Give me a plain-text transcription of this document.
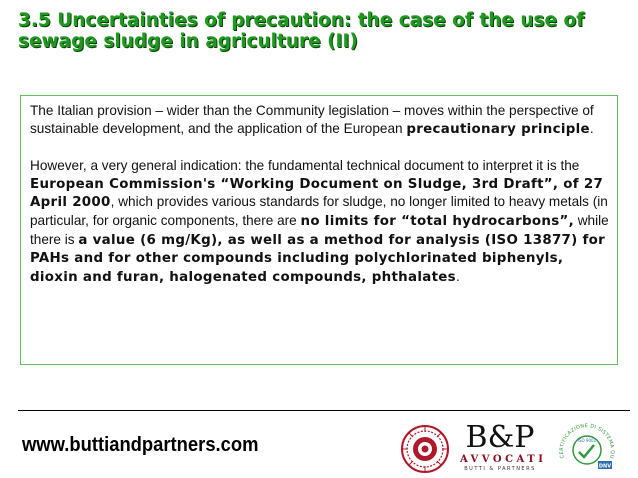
3.5 Uncertainties of precaution: the case of the use of sewage sludge in agriculture (II)

The Italian provision – wider than the Community legislation – moves within the perspective of sustainable development, and the application of the European precautionary principle.

However, a very general indication: the fundamental technical document to interpret it is the European Commission's “Working Document on Sludge, 3rd Draft”, of 27 April 2000, which provides various standards for sludge, no longer limited to heavy metals (in particular, for organic components, there are no limits for “total hydrocarbons”, while there is a value (6 mg/Kg), as well as a method for analysis (ISO 13877) for PAHs and for other compounds including polychlorinated biphenyls, dioxin and furan, halogenated compounds, phthalates.

www.buttiandpartners.com	B&P
AVVOCATI
BUTTI & PARTNERS
CERTIFICAZIONE DI SISTEMA QU
ISO 9001
DNV
